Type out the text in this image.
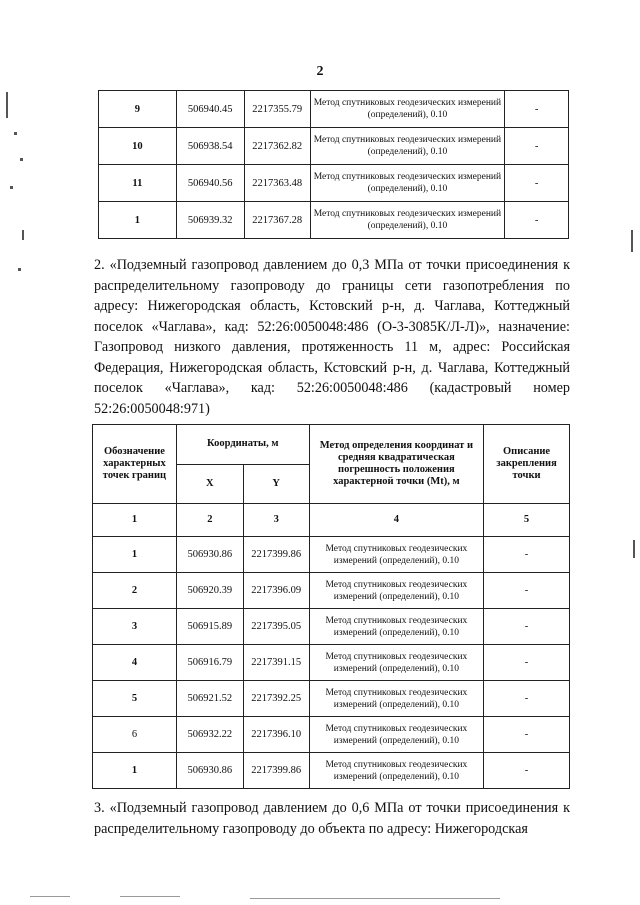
2
9	506940.45	2217355.79	Метод спутниковых геодезических измерений (определений), 0.10	-
10	506938.54	2217362.82	Метод спутниковых геодезических измерений (определений), 0.10	-
11	506940.56	2217363.48	Метод спутниковых геодезических измерений (определений), 0.10	-
1	506939.32	2217367.28	Метод спутниковых геодезических измерений (определений), 0.10	-
2. «Подземный газопровод давлением до 0,3 МПа от точки присоединения к распределительному газопроводу до границы сети газопотребления по адресу: Нижегородская область, Кстовский р-н, д. Чаглава, Коттеджный поселок «Чаглава», кад: 52:26:0050048:486 (О-3-3085К/Л-Л)», назначение: Газопровод низкого давления, протяженность 11 м, адрес: Российская Федерация, Нижегородская область, Кстовский р-н, д. Чаглава, Коттеджный поселок «Чаглава», кад: 52:26:0050048:486 (кадастровый номер 52:26:0050048:971)
Обозначение характерных точек границ	Координаты, м		Метод определения координат и средняя квадратическая погрешность положения характерной точки (Mt), м	Описание закрепления точки
	X	Y		
1	2	3	4	5
1	506930.86	2217399.86	Метод спутниковых геодезических измерений (определений), 0.10	-
2	506920.39	2217396.09	Метод спутниковых геодезических измерений (определений), 0.10	-
3	506915.89	2217395.05	Метод спутниковых геодезических измерений (определений), 0.10	-
4	506916.79	2217391.15	Метод спутниковых геодезических измерений (определений), 0.10	-
5	506921.52	2217392.25	Метод спутниковых геодезических измерений (определений), 0.10	-
6	506932.22	2217396.10	Метод спутниковых геодезических измерений (определений), 0.10	-
1	506930.86	2217399.86	Метод спутниковых геодезических измерений (определений), 0.10	-
3. «Подземный газопровод давлением до 0,6 МПа от точки присоединения к распределительному газопроводу до объекта по адресу: Нижегородская
